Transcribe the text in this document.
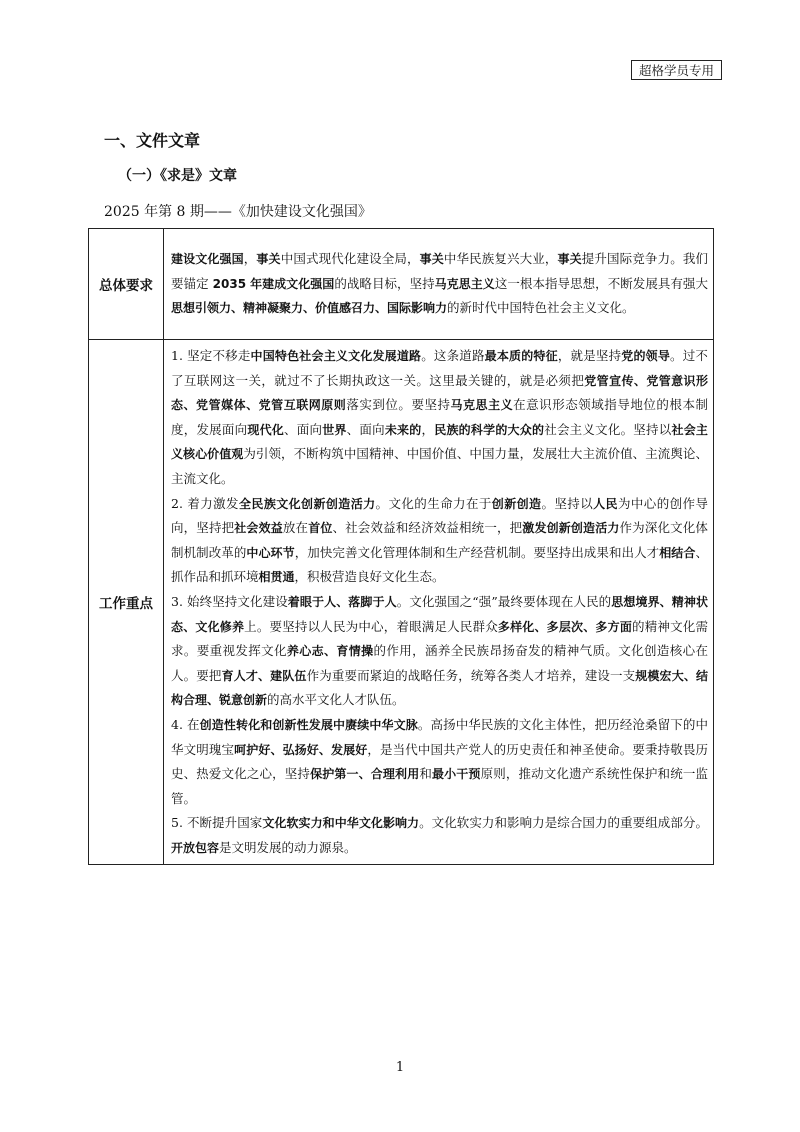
超格学员专用
一、文件文章
（一）《求是》文章
2025 年第 8 期——《加快建设文化强国》
总体要求	建设文化强国，事关中国式现代化建设全局，事关中华民族复兴大业，事关提升国际竞争力。我们要锚定 2035 年建成文化强国的战略目标，坚持马克思主义这一根本指导思想，不断发展具有强大思想引领力、精神凝聚力、价值感召力、国际影响力的新时代中国特色社会主义文化。

工作重点	1. 坚定不移走中国特色社会主义文化发展道路。这条道路最本质的特征，就是坚持党的领导。过不了互联网这一关，就过不了长期执政这一关。这里最关键的，就是必须把党管宣传、党管意识形态、党管媒体、党管互联网原则落实到位。要坚持马克思主义在意识形态领域指导地位的根本制度，发展面向现代化、面向世界、面向未来的，民族的科学的大众的社会主义文化。坚持以社会主义核心价值观为引领，不断构筑中国精神、中国价值、中国力量，发展壮大主流价值、主流舆论、主流文化。

2. 着力激发全民族文化创新创造活力。文化的生命力在于创新创造。坚持以人民为中心的创作导向，坚持把社会效益放在首位、社会效益和经济效益相统一，把激发创新创造活力作为深化文化体制机制改革的中心环节，加快完善文化管理体制和生产经营机制。要坚持出成果和出人才相结合、抓作品和抓环境相贯通，积极营造良好文化生态。

3. 始终坚持文化建设着眼于人、落脚于人。文化强国之“强”最终要体现在人民的思想境界、精神状态、文化修养上。要坚持以人民为中心，着眼满足人民群众多样化、多层次、多方面的精神文化需求。要重视发挥文化养心志、育情操的作用，涵养全民族昂扬奋发的精神气质。文化创造核心在人。要把育人才、建队伍作为重要而紧迫的战略任务，统筹各类人才培养，建设一支规模宏大、结构合理、锐意创新的高水平文化人才队伍。

4. 在创造性转化和创新性发展中赓续中华文脉。高扬中华民族的文化主体性，把历经沧桑留下的中华文明瑰宝呵护好、弘扬好、发展好，是当代中国共产党人的历史责任和神圣使命。要秉持敬畏历史、热爱文化之心，坚持保护第一、合理利用和最小干预原则，推动文化遗产系统性保护和统一监管。

5. 不断提升国家文化软实力和中华文化影响力。文化软实力和影响力是综合国力的重要组成部分。开放包容是文明发展的动力源泉。

1
